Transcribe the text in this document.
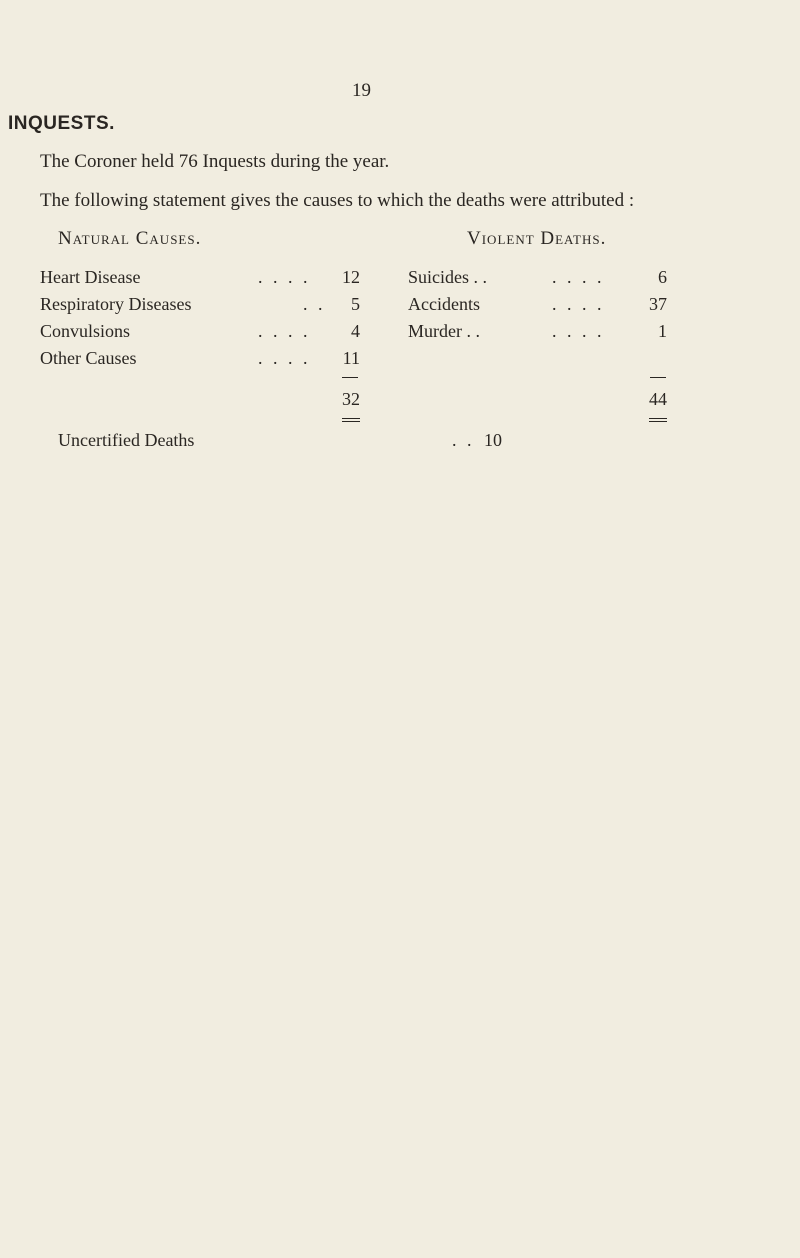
19
INQUESTS.
The Coroner held 76 Inquests during the year.
The following statement gives the causes to which the deaths were attributed :
Natural Causes.	Violent Deaths.
Heart Disease	. . . .	12
Respiratory Diseases	. .	5
Convulsions	. . . .	4
Other Causes	. . . .	11
32
Suicides . .	. . . .	6
Accidents	. . . .	37
Murder . .	. . . .	1
44
Uncertified Deaths	. . 10
